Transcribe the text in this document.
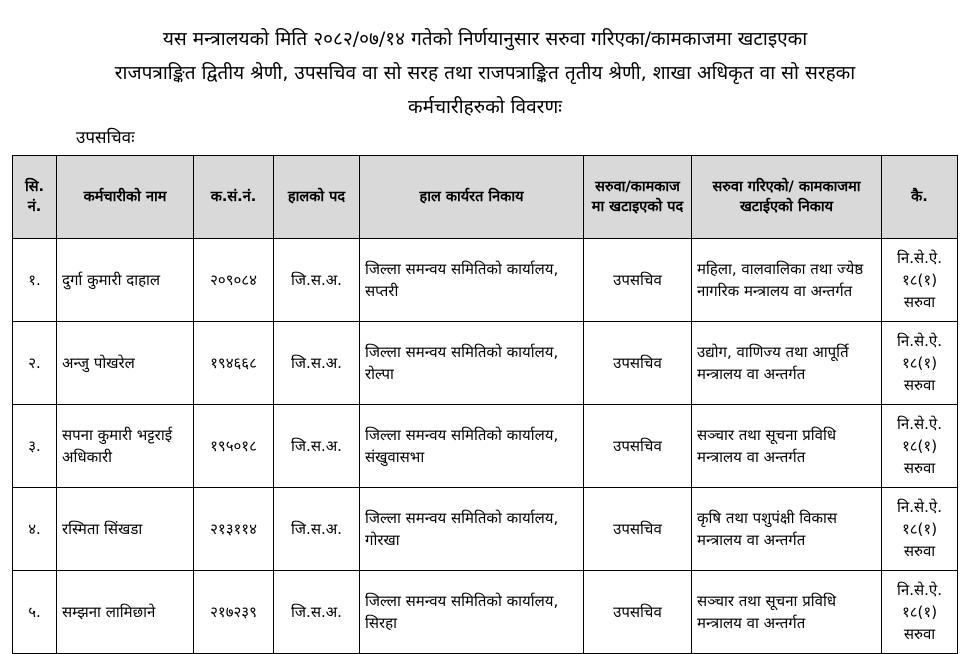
यस मन्त्रालयको मिति २०८२/०७/१४ गतेको निर्णयानुसार सरुवा गरिएका/कामकाजमा खटाइएका
राजपत्राङ्कित द्वितीय श्रेणी, उपसचिव वा सो सरह तथा राजपत्राङ्कित तृतीय श्रेणी, शाखा अधिकृत वा सो सरहका
कर्मचारीहरुको विवरणः
उपसचिवः
सि. नं.	कर्मचारीको नाम	क.सं.नं.	हालको पद	हाल कार्यरत निकाय	सरुवा/कामकाज मा खटाइएको पद	सरुवा गरिएको/ कामकाजमा खटाईएको निकाय	कै.
१.	दुर्गा कुमारी दाहाल	२०९०८४	जि.स.अ.	जिल्ला समन्वय समितिको कार्यालय, सप्तरी	उपसचिव	महिला, वालवालिका तथा ज्येष्ठ नागरिक मन्त्रालय वा अन्तर्गत	नि.से.ऐ. १८(१) सरुवा
२.	अन्जु पोखरेल	१९४६६८	जि.स.अ.	जिल्ला समन्वय समितिको कार्यालय, रोल्पा	उपसचिव	उद्योग, वाणिज्य तथा आपूर्ति मन्त्रालय वा अन्तर्गत	नि.से.ऐ. १८(१) सरुवा
३.	सपना कुमारी भट्टराई अधिकारी	१९५०१८	जि.स.अ.	जिल्ला समन्वय समितिको कार्यालय, संखुवासभा	उपसचिव	सञ्चार तथा सूचना प्रविधि मन्त्रालय वा अन्तर्गत	नि.से.ऐ. १८(१) सरुवा
४.	रस्मिता सिंखडा	२१३११४	जि.स.अ.	जिल्ला समन्वय समितिको कार्यालय, गोरखा	उपसचिव	कृषि तथा पशुपंक्षी विकास मन्त्रालय वा अन्तर्गत	नि.से.ऐ. १८(१) सरुवा
५.	सम्झना लामिछाने	२१७२३९	जि.स.अ.	जिल्ला समन्वय समितिको कार्यालय, सिरहा	उपसचिव	सञ्चार तथा सूचना प्रविधि मन्त्रालय वा अन्तर्गत	नि.से.ऐ. १८(१) सरुवा
